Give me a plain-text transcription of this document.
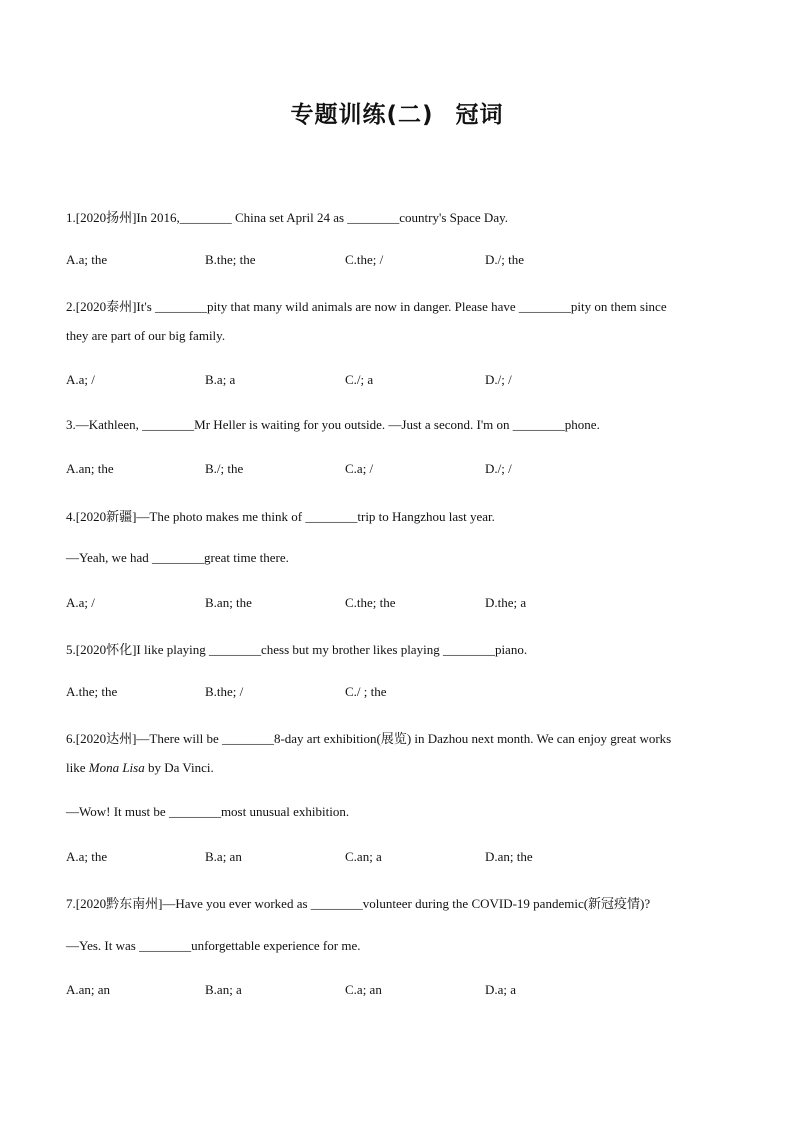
专题训练(二) 冠词
1.[2020扬州]In 2016,________ China set April 24 as ________country's Space Day.
A.a; the	B.the; the	C.the; /	D./; the
2.[2020泰州]It's ________pity that many wild animals are now in danger. Please have ________pity on them since
they are part of our big family.
A.a; /	B.a; a	C./; a	D./; /
3.—Kathleen, ________Mr Heller is waiting for you outside. —Just a second. I'm on ________phone.
A.an; the	B./; the	C.a; /	D./; /
4.[2020新疆]—The photo makes me think of ________trip to Hangzhou last year.
—Yeah, we had ________great time there.
A.a; /	B.an; the	C.the; the	D.the; a
5.[2020怀化]I like playing ________chess but my brother likes playing ________piano.
A.the; the	B.the; /	C./ ; the
6.[2020达州]—There will be ________8-day art exhibition(展览) in Dazhou next month. We can enjoy great works
like Mona Lisa by Da Vinci.
—Wow! It must be ________most unusual exhibition.
A.a; the	B.a; an	C.an; a	D.an; the
7.[2020黔东南州]—Have you ever worked as ________volunteer during the COVID-19 pandemic(新冠疫情)?
—Yes. It was ________unforgettable experience for me.
A.an; an	B.an; a	C.a; an	D.a; a
